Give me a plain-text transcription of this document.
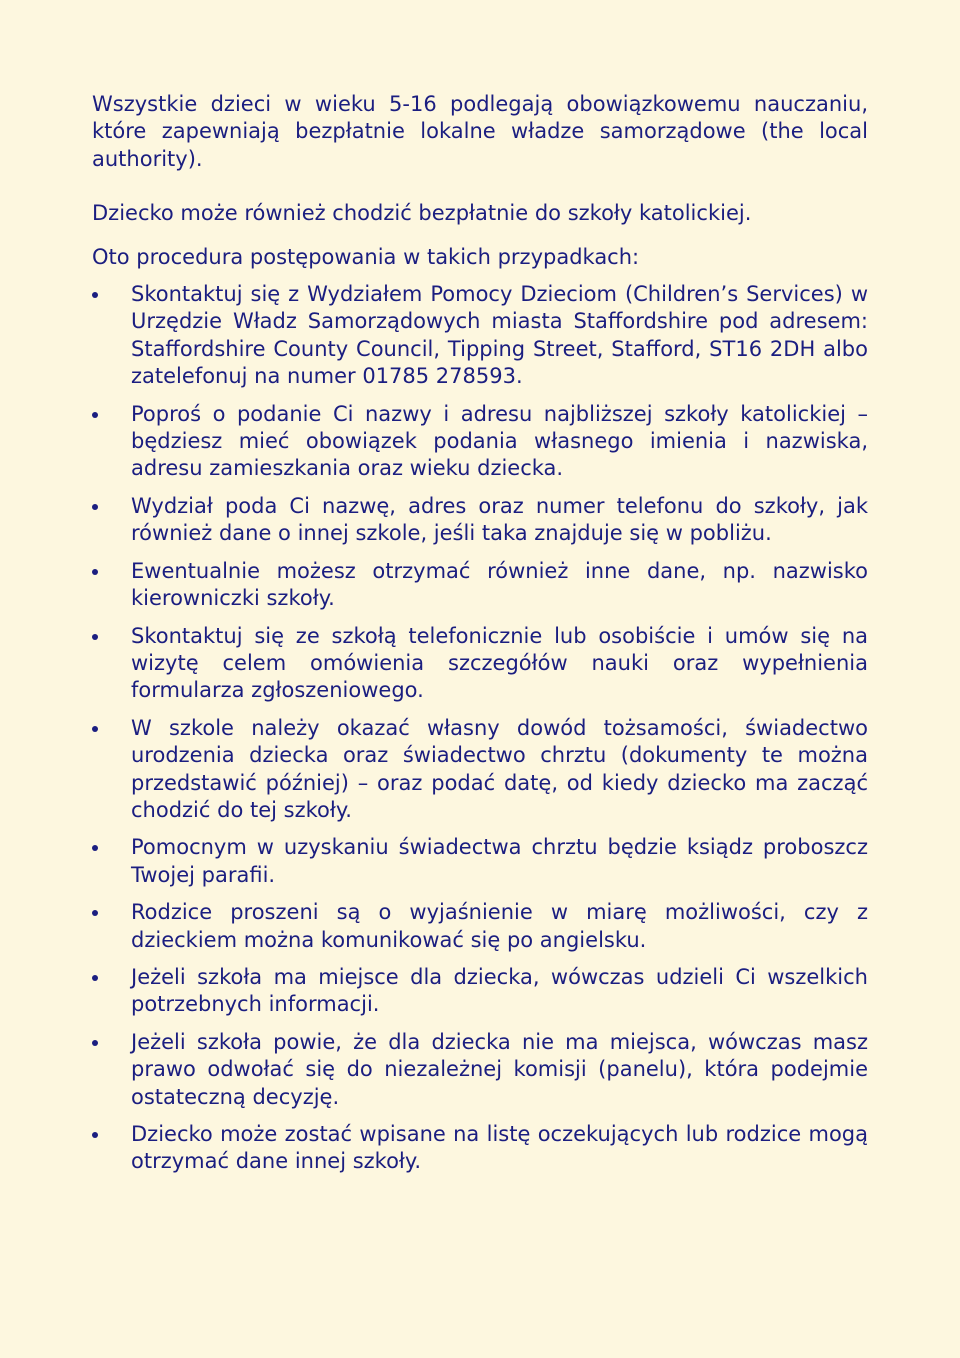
Wszystkie dzieci w wieku 5-16 podlegają obowiązkowemu nauczaniu, które zapewniają bezpłatnie lokalne władze samorządowe (the local authority).

Dziecko może również chodzić bezpłatnie do szkoły katolickiej.

Oto procedura postępowania w takich przypadkach:

Skontaktuj się z Wydziałem Pomocy Dzieciom (Children’s Services) w Urzędzie Władz Samorządowych miasta Staffordshire pod adresem: Staffordshire County Council, Tipping Street, Stafford, ST16 2DH albo zatelefonuj na numer 01785 278593.
Poproś o podanie Ci nazwy i adresu najbliższej szkoły katolickiej – będziesz mieć obowiązek podania własnego imienia i nazwiska, adresu zamieszkania oraz wieku dziecka.
Wydział poda Ci nazwę, adres oraz numer telefonu do szkoły, jak również dane o innej szkole, jeśli taka znajduje się w pobliżu.
Ewentualnie możesz otrzymać również inne dane, np. nazwisko kierowniczki szkoły.
Skontaktuj się ze szkołą telefonicznie lub osobiście i umów się na wizytę celem omówienia szczegółów nauki oraz wypełnienia formularza zgłoszeniowego.
W szkole należy okazać własny dowód tożsamości, świadectwo urodzenia dziecka oraz świadectwo chrztu (dokumenty te można przedstawić później) – oraz podać datę, od kiedy dziecko ma zacząć chodzić do tej szkoły.
Pomocnym w uzyskaniu świadectwa chrztu będzie ksiądz proboszcz Twojej parafii.
Rodzice proszeni są o wyjaśnienie w miarę możliwości, czy z dzieckiem można komunikować się po angielsku.
Jeżeli szkoła ma miejsce dla dziecka, wówczas udzieli Ci wszelkich potrzebnych informacji.
Jeżeli szkoła powie, że dla dziecka nie ma miejsca, wówczas masz prawo odwołać się do niezależnej komisji (panelu), która podejmie ostateczną decyzję.
Dziecko może zostać wpisane na listę oczekujących lub rodzice mogą otrzymać dane innej szkoły.
